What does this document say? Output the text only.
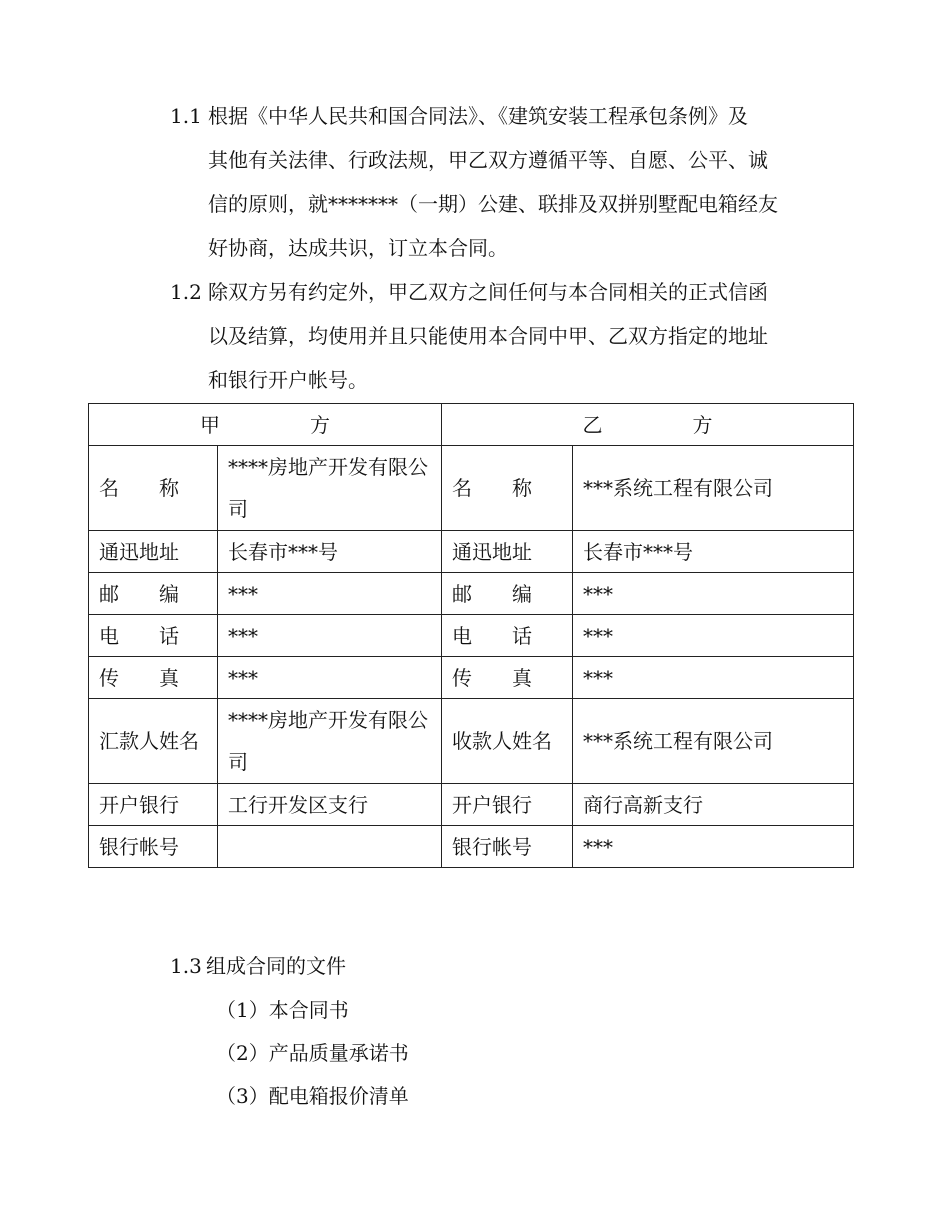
1.1 根据《中华人民共和国合同法》、《建筑安装工程承包条例》及
其他有关法律、行政法规，甲乙双方遵循平等、自愿、公平、诚
信的原则，就*******（一期）公建、联排及双拼别墅配电箱经友
好协商，达成共识，订立本合同。
1.2 除双方另有约定外，甲乙双方之间任何与本合同相关的正式信函
以及结算，均使用并且只能使用本合同中甲、乙双方指定的地址
和银行开户帐号。
甲 方		乙 方	
名　　称	****房地产开发有限公司	名　　称	***系统工程有限公司
通迅地址	长春市***号	通迅地址	长春市***号
邮　　编	***	邮　　编	***
电　　话	***	电　　话	***
传　　真	***	传　　真	***
汇款人姓名	****房地产开发有限公司	收款人姓名	***系统工程有限公司
开户银行	工行开发区支行	开户银行	商行高新支行
银行帐号		银行帐号	***
1.3 组成合同的文件
（1）本合同书
（2）产品质量承诺书
（3）配电箱报价清单
